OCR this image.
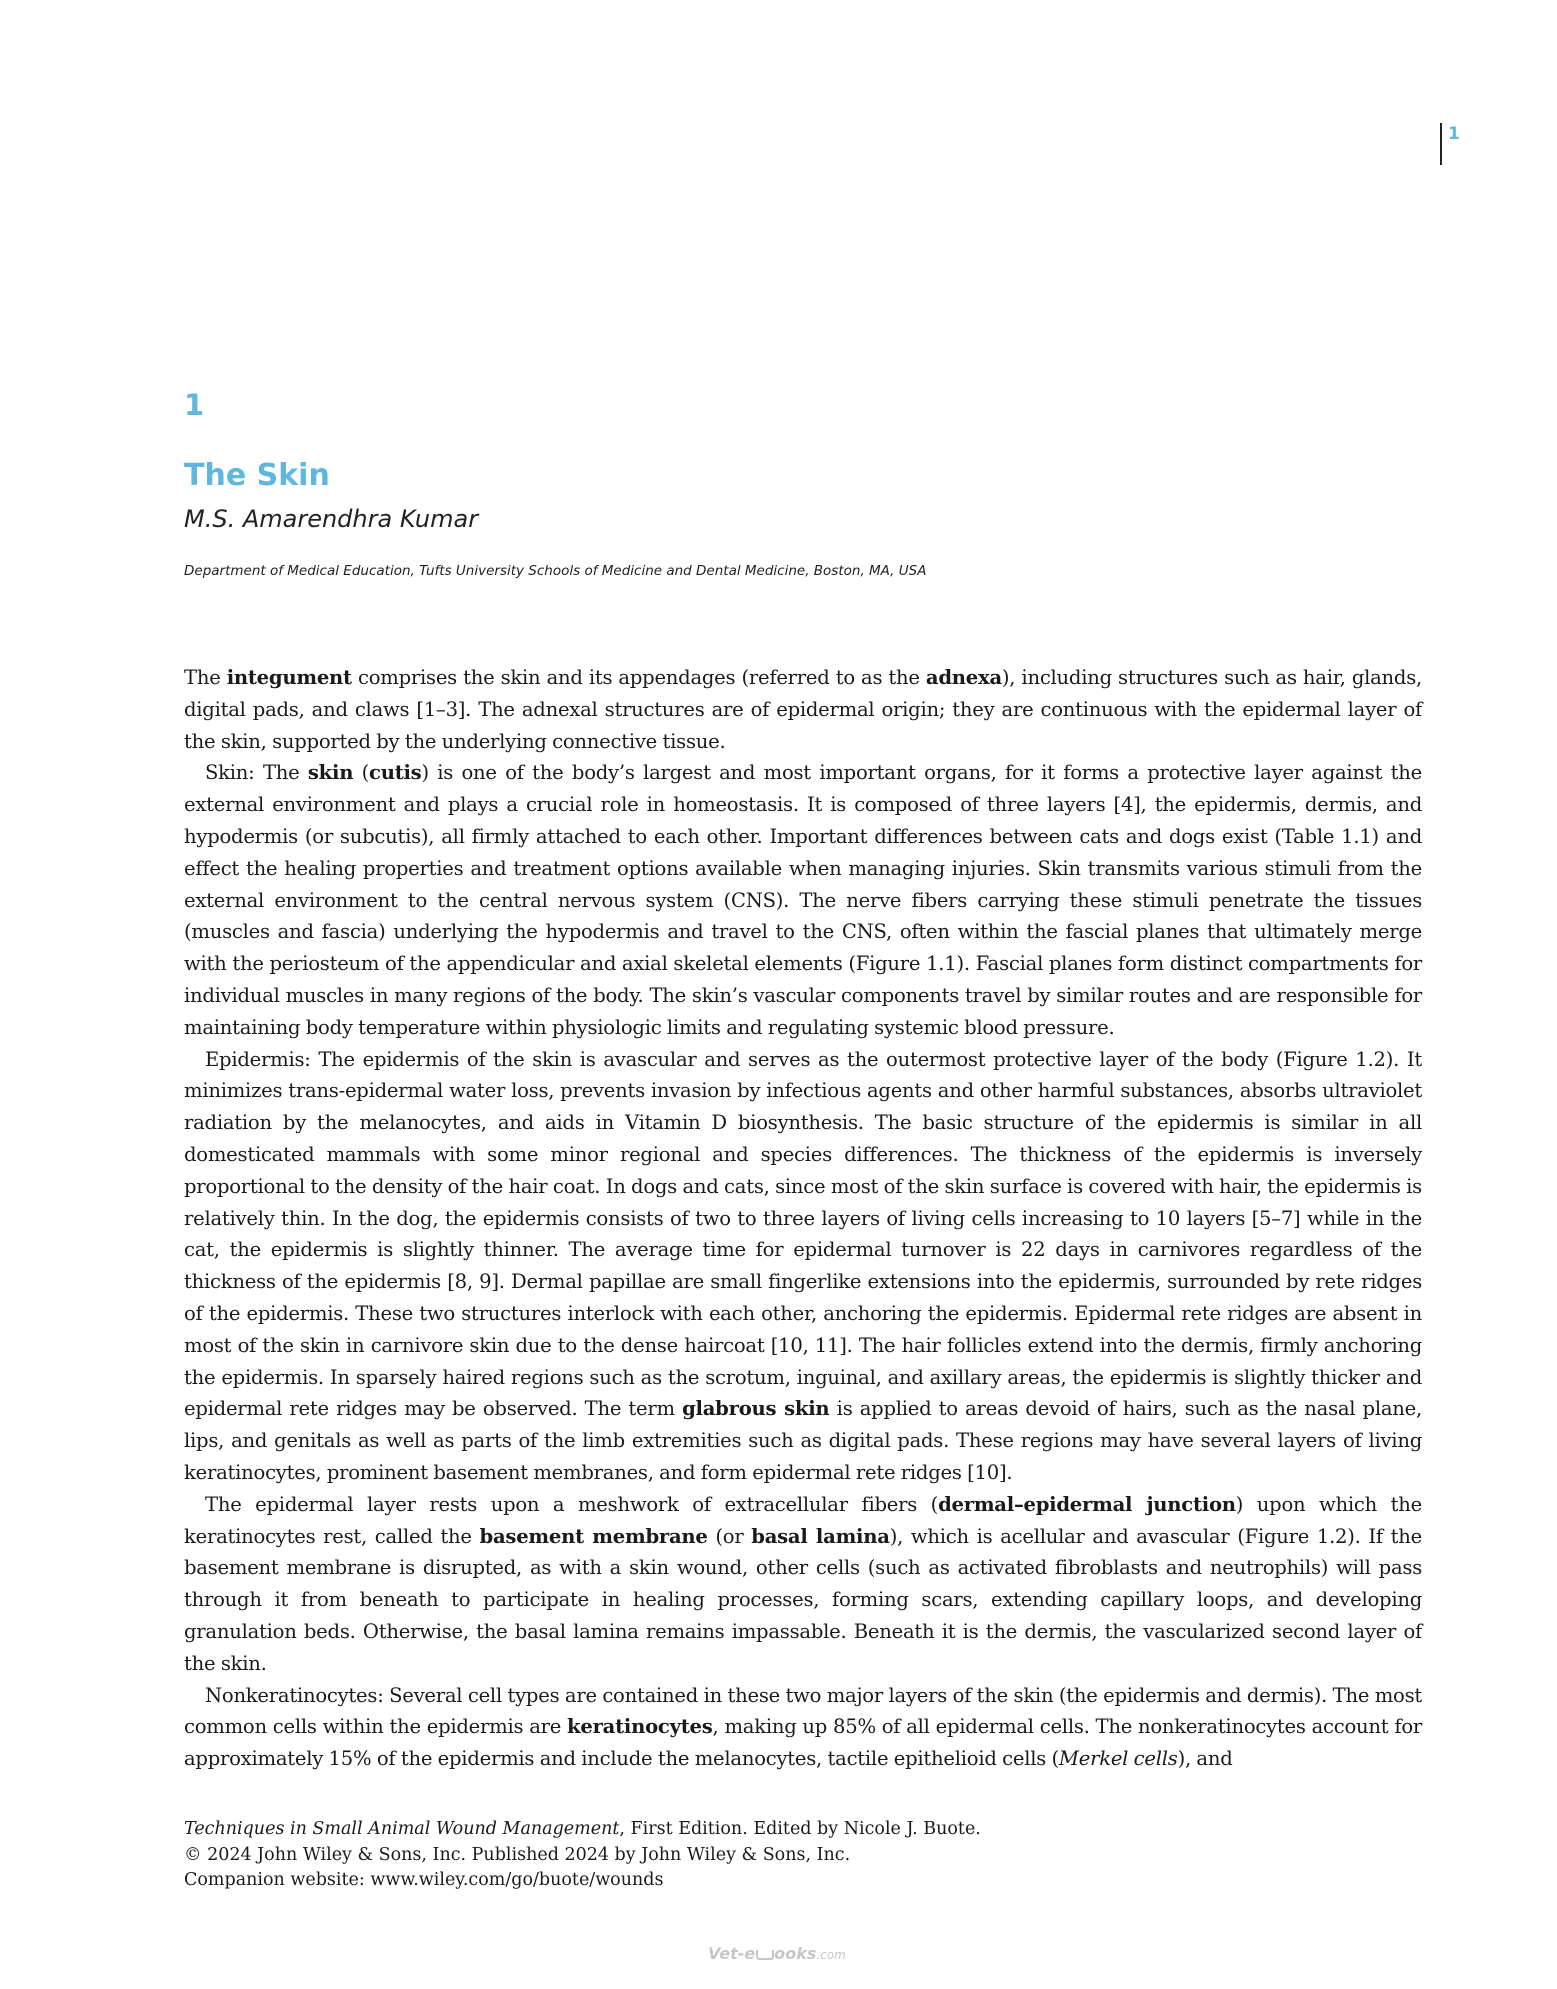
1
1
The Skin
M.S. Amarendhra Kumar
Department of Medical Education, Tufts University Schools of Medicine and Dental Medicine, Boston, MA, USA

The integument comprises the skin and its appendages (referred to as the adnexa), including structures such as hair, glands, digital pads, and claws [1–3]. The adnexal structures are of epidermal origin; they are continuous with the epidermal layer of the skin, supported by the underlying connective tissue.

Skin: The skin (cutis) is one of the body’s largest and most important organs, for it forms a protective layer against the external environment and plays a crucial role in homeostasis. It is composed of three layers [4], the epidermis, dermis, and hypodermis (or subcutis), all firmly attached to each other. Important differences between cats and dogs exist (Table 1.1) and effect the healing properties and treatment options available when managing injuries. Skin transmits various stimuli from the external environment to the central nervous system (CNS). The nerve fibers carrying these stimuli penetrate the tissues (muscles and fascia) underlying the hypodermis and travel to the CNS, often within the fascial planes that ultimately merge with the periosteum of the appendicular and axial skeletal elements (Figure 1.1). Fascial planes form distinct compartments for individual muscles in many regions of the body. The skin’s vascular components travel by similar routes and are responsible for maintaining body temperature within physiologic limits and regulating systemic blood pressure.

Epidermis: The epidermis of the skin is avascular and serves as the outermost protective layer of the body (Figure 1.2). It minimizes trans-epidermal water loss, prevents invasion by infectious agents and other harmful substances, absorbs ultraviolet radiation by the melanocytes, and aids in Vitamin D biosynthesis. The basic structure of the epidermis is similar in all domesticated mammals with some minor regional and species differences. The thickness of the epidermis is inversely proportional to the density of the hair coat. In dogs and cats, since most of the skin surface is covered with hair, the epidermis is relatively thin. In the dog, the epidermis consists of two to three layers of living cells increasing to 10 layers [5–7] while in the cat, the epidermis is slightly thinner. The average time for epidermal turnover is 22 days in carnivores regardless of the thickness of the epidermis [8, 9]. Dermal papillae are small fingerlike extensions into the epidermis, surrounded by rete ridges of the epidermis. These two structures interlock with each other, anchoring the epidermis. Epidermal rete ridges are absent in most of the skin in carnivore skin due to the dense haircoat [10, 11]. The hair follicles extend into the dermis, firmly anchoring the epidermis. In sparsely haired regions such as the scrotum, inguinal, and axillary areas, the epidermis is slightly thicker and epidermal rete ridges may be observed. The term glabrous skin is applied to areas devoid of hairs, such as the nasal plane, lips, and genitals as well as parts of the limb extremities such as digital pads. These regions may have several layers of living keratinocytes, prominent basement membranes, and form epidermal rete ridges [10].

The epidermal layer rests upon a meshwork of extracellular fibers (dermal–epidermal junction) upon which the keratinocytes rest, called the basement membrane (or basal lamina), which is acellular and avascular (Figure 1.2). If the basement membrane is disrupted, as with a skin wound, other cells (such as activated fibroblasts and neutrophils) will pass through it from beneath to participate in healing processes, forming scars, extending capillary loops, and developing granulation beds. Otherwise, the basal lamina remains impassable. Beneath it is the dermis, the vascularized second layer of the skin.

Nonkeratinocytes: Several cell types are contained in these two major layers of the skin (the epidermis and dermis). The most common cells within the epidermis are keratinocytes, making up 85% of all epidermal cells. The nonkeratinocytes account for approximately 15% of the epidermis and include the melanocytes, tactile epithelioid cells (Merkel cells), and

Techniques in Small Animal Wound Management, First Edition. Edited by Nicole J. Buote.
© 2024 John Wiley & Sons, Inc. Published 2024 by John Wiley & Sons, Inc.
Companion website: www.wiley.com/go/buote/wounds
Vet-e ooks.com
